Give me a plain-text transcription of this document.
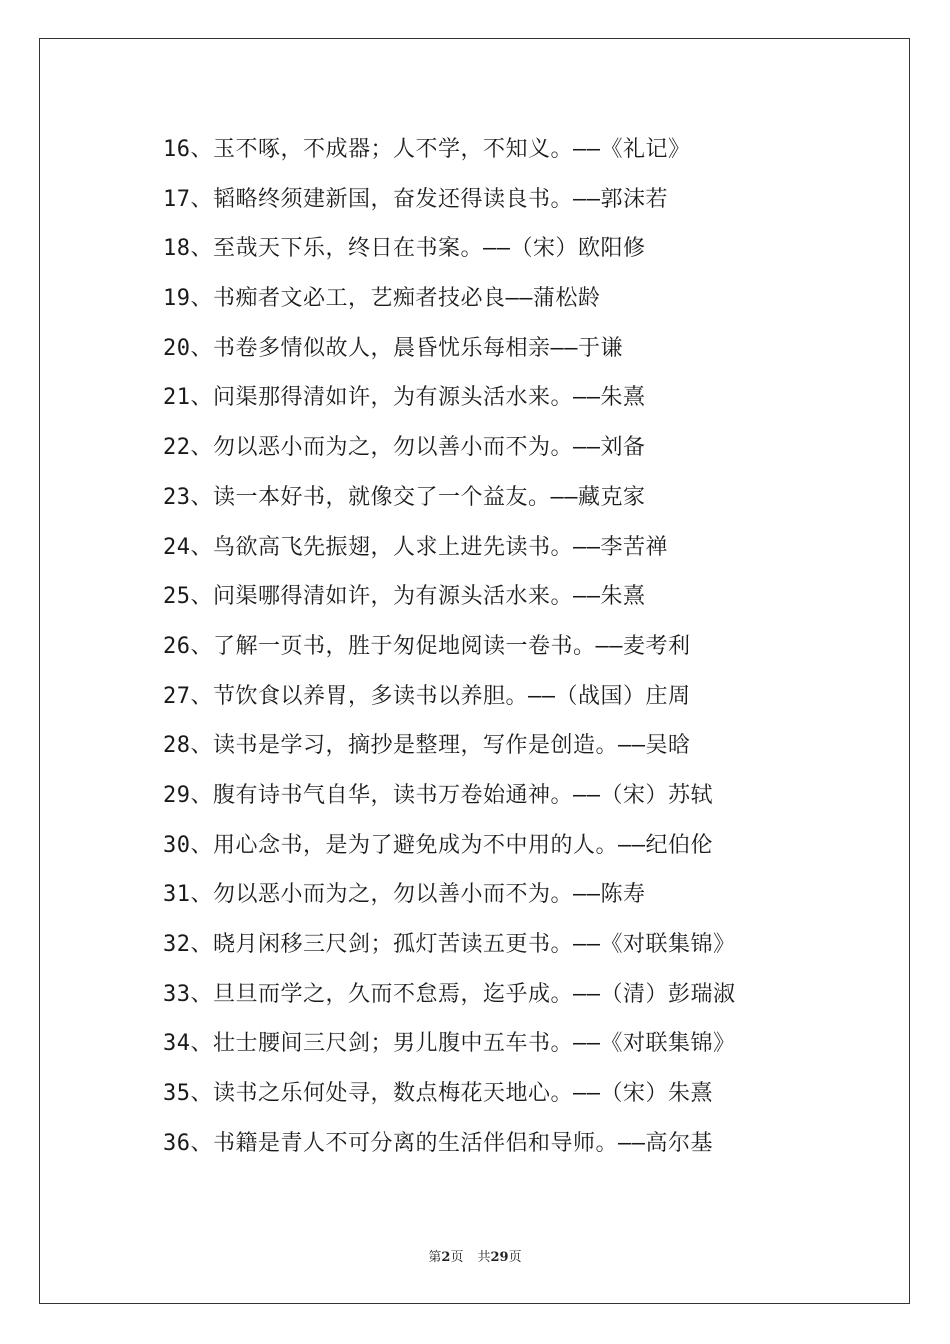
16、玉不啄，不成器；人不学，不知义。——《礼记》
17、韬略终须建新国，奋发还得读良书。——郭沫若
18、至哉天下乐，终日在书案。——（宋）欧阳修
19、书痴者文必工，艺痴者技必良——蒲松龄
20、书卷多情似故人，晨昏忧乐每相亲——于谦
21、问渠那得清如许，为有源头活水来。——朱熹
22、勿以恶小而为之，勿以善小而不为。——刘备
23、读一本好书，就像交了一个益友。——藏克家
24、鸟欲高飞先振翅，人求上进先读书。——李苦禅
25、问渠哪得清如许，为有源头活水来。——朱熹
26、了解一页书，胜于匆促地阅读一卷书。——麦考利
27、节饮食以养胃，多读书以养胆。——（战国）庄周
28、读书是学习，摘抄是整理，写作是创造。——吴晗
29、腹有诗书气自华，读书万卷始通神。——（宋）苏轼
30、用心念书，是为了避免成为不中用的人。——纪伯伦
31、勿以恶小而为之，勿以善小而不为。——陈寿
32、晓月闲移三尺剑；孤灯苦读五更书。——《对联集锦》
33、旦旦而学之，久而不怠焉，迄乎成。——（清）彭瑞淑
34、壮士腰间三尺剑；男儿腹中五车书。——《对联集锦》
35、读书之乐何处寻，数点梅花天地心。——（宋）朱熹
36、书籍是青人不可分离的生活伴侣和导师。——高尔基
第2页 共29页
